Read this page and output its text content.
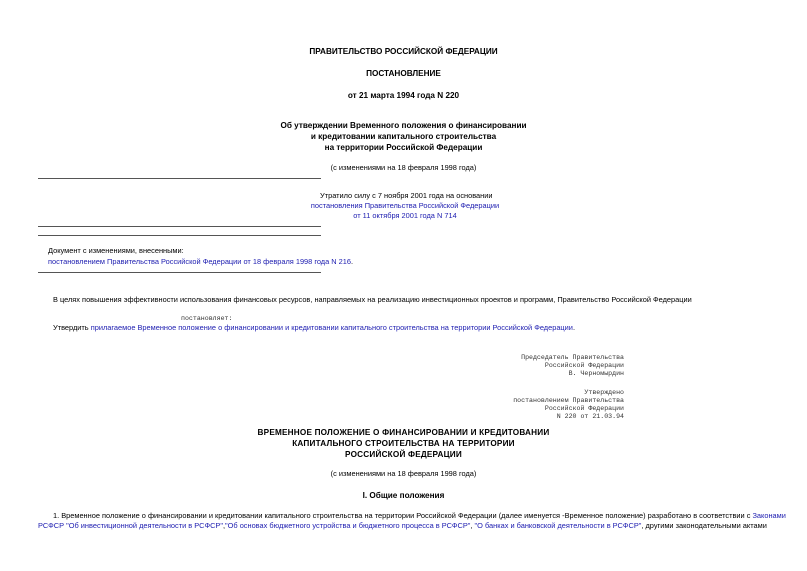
ПРАВИТЕЛЬСТВО РОССИЙСКОЙ ФЕДЕРАЦИИ
ПОСТАНОВЛЕНИЕ
от 21 марта 1994 года N 220
Об утверждении Временного положения о финансировании
и кредитовании капитального строительства
на территории Российской Федерации
(с изменениями на 18 февраля 1998 года)
Утратило силу с 7 ноября 2001 года на основании
постановления Правительства Российской Федерации
от 11 октября 2001 года N 714
Документ с изменениями, внесенными:
постановлением Правительства Российской Федерации от 18 февраля 1998 года N 216.
В целях повышения эффективности использования финансовых ресурсов, направляемых на реализацию инвестиционных проектов и программ, Правительство Российской Федерации
постановляет:
Утвердить прилагаемое Временное положение о финансировании и кредитовании капитального строительства на территории Российской Федерации.
Председатель Правительства
Российской Федерации
В. Черномырдин
Утверждено
постановлением Правительства
Российской Федерации
N 220 от 21.03.94
ВРЕМЕННОЕ ПОЛОЖЕНИЕ О ФИНАНСИРОВАНИИ И КРЕДИТОВАНИИ
КАПИТАЛЬНОГО СТРОИТЕЛЬСТВА НА ТЕРРИТОРИИ
РОССИЙСКОЙ ФЕДЕРАЦИИ
(с изменениями на 18 февраля 1998 года)
I. Общие положения
1. Временное положение о финансировании и кредитовании капитального строительства на территории Российской Федерации (далее именуется -Временное положение) разработано в соответствии с Законами
РСФСР "Об инвестиционной деятельности в РСФСР","Об основах бюджетного устройства и бюджетного процесса в РСФСР", "О банках и банковской деятельности в РСФСР", другими законодательными актами
